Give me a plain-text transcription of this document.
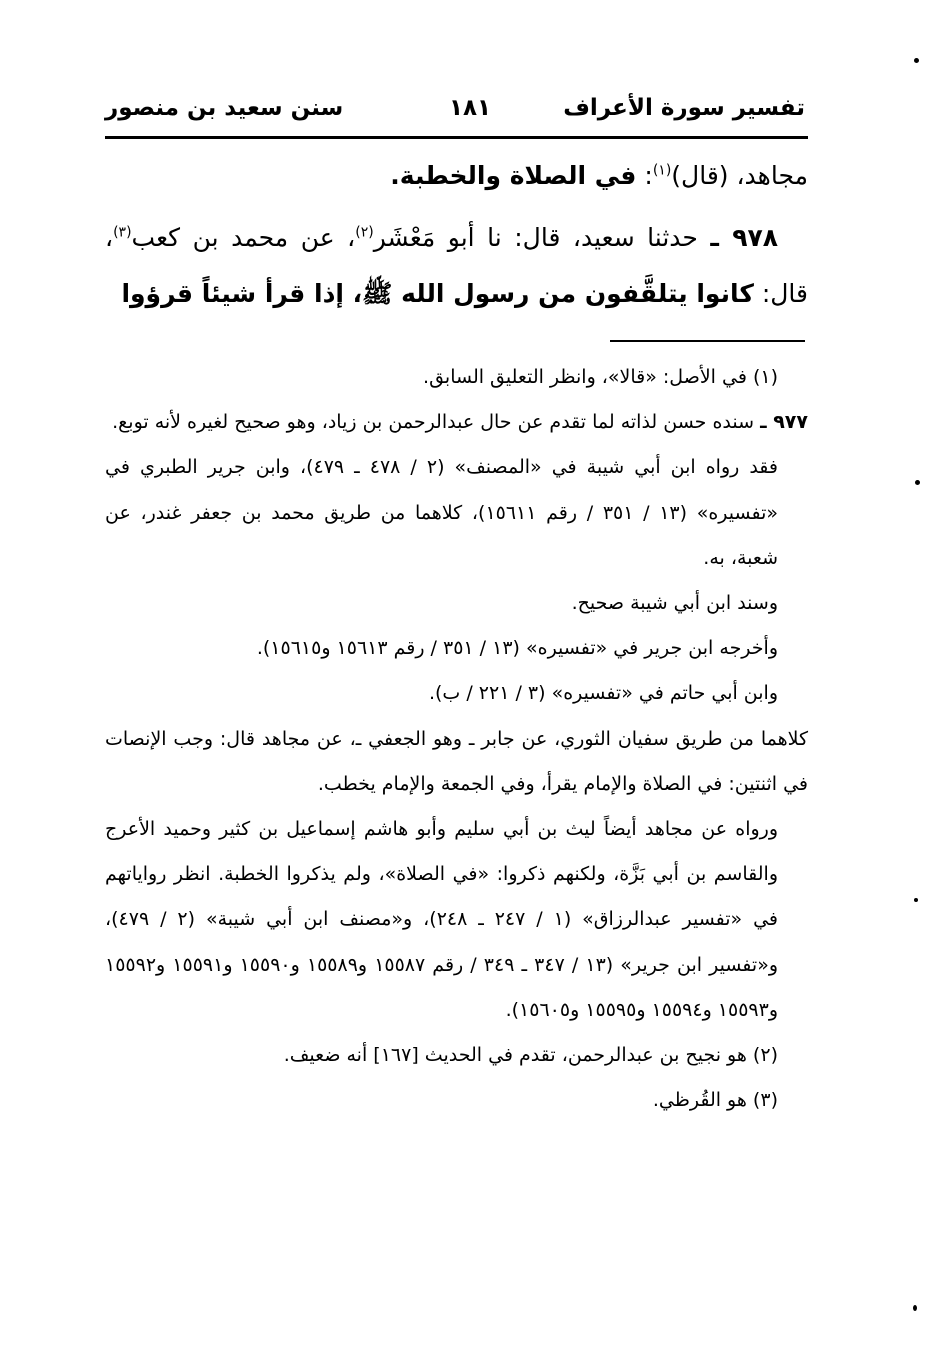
تفسير سورة الأعراف
١٨١
سنن سعيد بن منصور

مجاهد، (قال)$^{(١)}$: في الصلاة والخطبة.

٩٧٨ ـ حدثنا سعيد، قال: نا أبو مَعْشَر$^{(٢)}$، عن محمد بن كعب$^{(٣)}$، قال: كانوا يتلقَّفون من رسول الله ﷺ، إذا قرأ شيئاً قرؤوا

(١) في الأصل: «قالا»، وانظر التعليق السابق.

٩٧٧ ـ سنده حسن لذاته لما تقدم عن حال عبدالرحمن بن زياد، وهو صحيح لغيره لأنه توبع.

فقد رواه ابن أبي شيبة في «المصنف» (٢ / ٤٧٨ ـ ٤٧٩)، وابن جرير الطبري في «تفسيره» (١٣ / ٣٥١ / رقم ١٥٦١١)، كلاهما من طريق محمد بن جعفر غندر، عن شعبة، به.

وسند ابن أبي شيبة صحيح.

وأخرجه ابن جرير في «تفسيره» (١٣ / ٣٥١ / رقم ١٥٦١٣ و١٥٦١٥).

وابن أبي حاتم في «تفسيره» (٣ / ٢٢١ / ب).

كلاهما من طريق سفيان الثوري، عن جابر ـ وهو الجعفي ـ، عن مجاهد قال: وجب الإنصات في اثنتين: في الصلاة والإمام يقرأ، وفي الجمعة والإمام يخطب.

ورواه عن مجاهد أيضاً ليث بن أبي سليم وأبو هاشم إسماعيل بن كثير وحميد الأعرج والقاسم بن أبي بَزَّة، ولكنهم ذكروا: «في الصلاة»، ولم يذكروا الخطبة. انظر رواياتهم في «تفسير عبدالرزاق» (١ / ٢٤٧ ـ ٢٤٨)، و«مصنف ابن أبي شيبة» (٢ / ٤٧٩)، و«تفسير ابن جرير» (١٣ / ٣٤٧ ـ ٣٤٩ / رقم ١٥٥٨٧ و١٥٥٨٩ و١٥٥٩٠ و١٥٥٩١ و١٥٥٩٢ و١٥٥٩٣ و١٥٥٩٤ و١٥٥٩٥ و١٥٦٠٥).

(٢) هو نجيح بن عبدالرحمن، تقدم في الحديث [١٦٧] أنه ضعيف.

(٣) هو القُرظي.
